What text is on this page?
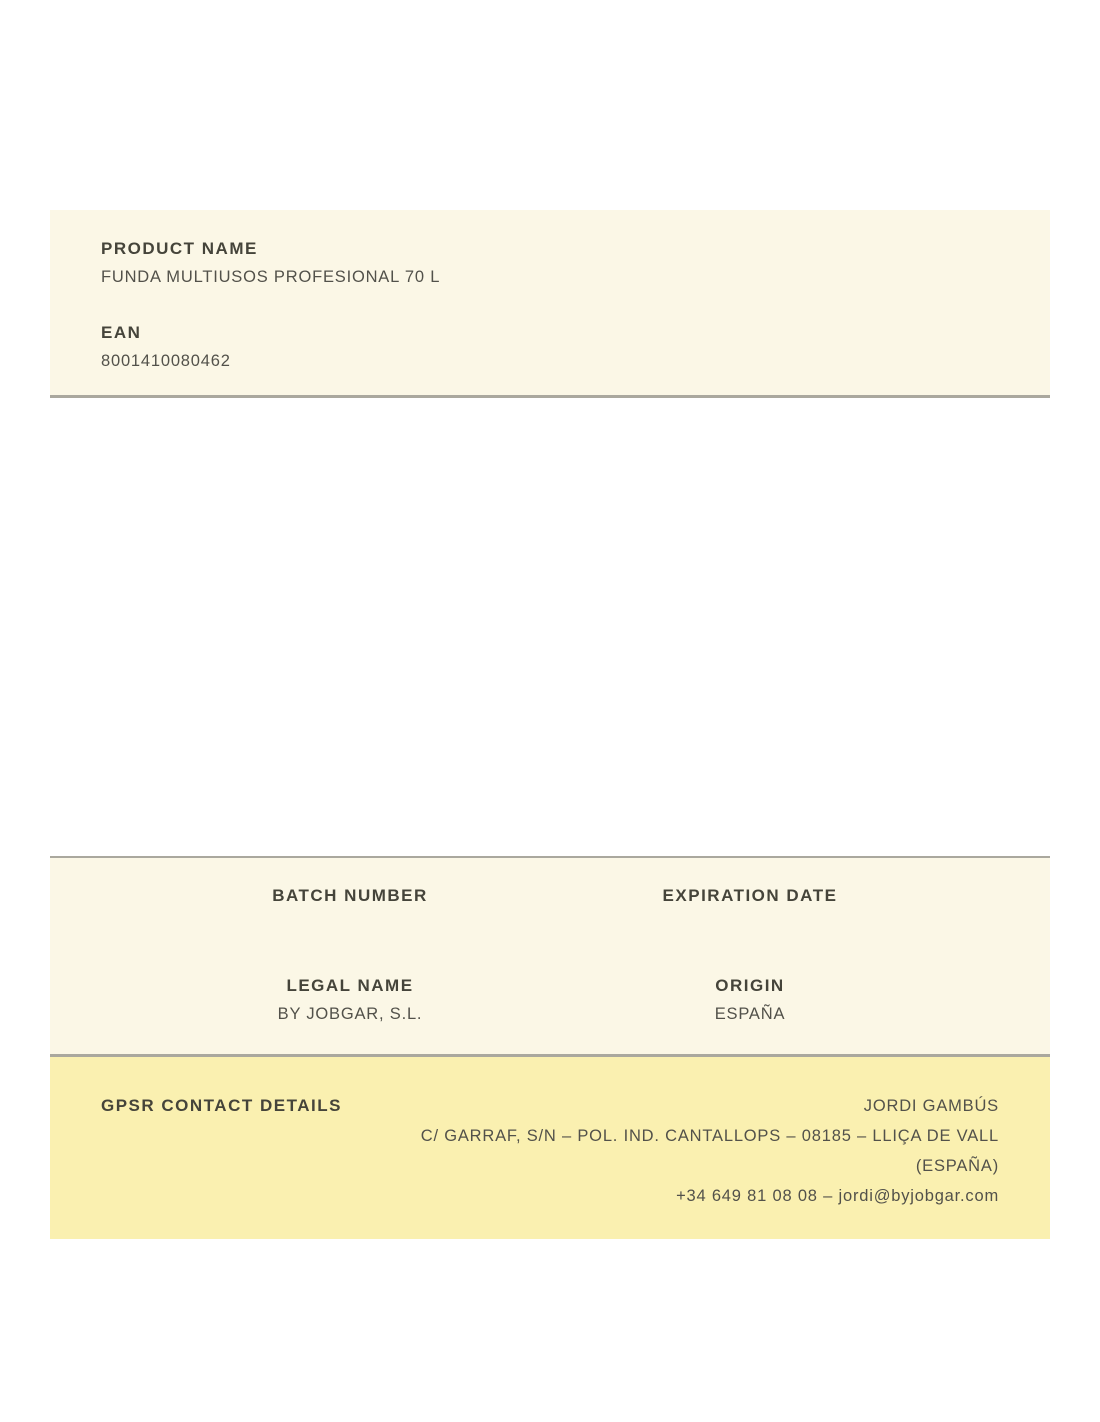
PRODUCT NAME
FUNDA MULTIUSOS PROFESIONAL 70 L
EAN
8001410080462
BATCH NUMBER
LEGAL NAME
BY JOBGAR, S.L.
EXPIRATION DATE
ORIGIN
ESPAÑA
GPSR CONTACT DETAILS	JORDI GAMBÚS
C/ GARRAF, S/N – POL. IND. CANTALLOPS – 08185 – LLIÇA DE VALL (ESPAÑA)
+34 649 81 08 08 – jordi@byjobgar.com
